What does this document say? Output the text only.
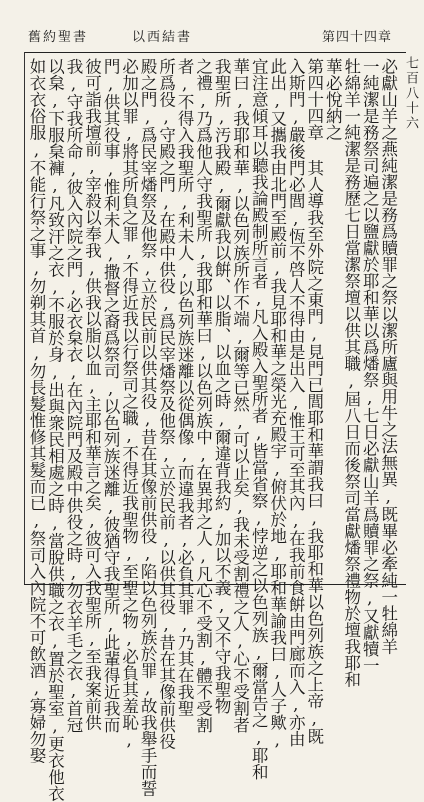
舊約聖書	以西結書	第四十四章
七百八十六
必獻山羊之燕純潔是務爲贖罪之祭以潔所廬與用牛之法無異,既畢必牽純一牡綿羊
一純潔是務祭司遍之以鹽獻於耶和華以爲燔祭,七日必獻山羊爲贖罪之祭,又獻犢一
牡綿羊一純潔是務歷七日當潔祭壇以供其職,屆八日而後祭司當獻燔祭禮物於壇我耶和
華必悅納之
第四十四章 其人導我至外院之東門,見門已閭耶和華謂我曰,我耶和華以色列族之上帝,既
入斯門,嚴後門必閭,恆不啓人不得由是出入,惟王可至其內,在我前食餠由門廊而入,亦由
此出,又攜我由北門至殿前,我見耶和華之榮光充殿宇,俯伏於地,耶和華諭我曰,人子歟,
宜注意傾耳以聽我論殿制所言者,凡入殿入聖所者,皆當省察,悖逆之以色列族,爾當告之,耶和
華曰,我耶和華,以色列族所作不端,爾等已然,可以止矣,我未受割禮之人,心不受割者
我聖所,汚我殿,爾獻我以餠、以脂、以血之時,爾違背我約,加以不義,又不守我聖物
之禮,乃爲他人守我聖所,我耶和華曰,以色列族中,在異邦之人,凡心不受割,體不受割
者,不得入我聖所,利未人,以色列族迷離以從偶像,而違我者,必負其罪,乃其在我聖
所爲役,守殿之門,在殿中供役,爲民宰燔祭及他祭,立於民前,以供其役,昔在其像前供役
殿之門,爲民宰燔祭及他祭,立於民前以供其役,昔在其像前供役,陷以色列族於罪,故我舉手而誓
必加以罪,將其所負之罪,不得近我以行祭司之職,不得近我聖物,至聖之物,必負其羞恥,
門,供其役事,惟利未人,撒督之裔爲祭司,以色列族迷離,彼猶守我聖所,此輩得近我而
彼可詣我壇前,宰殺以奉我,供我以脂以血,主耶和華言之矣,彼可入我聖所,至我案前供
我,守我所命,彼入內院之門,必衣枲衣,在內院門及殿中供役之時,勿衣羊毛之衣,首冠
以枲,下服枲褲,凡致汗之衣,不服於身,出與衆民相處之時,當脫供職之衣,置於聖室,更衣他衣
如衣衣俗服,不能行祭之事,勿剃其首,勿長髮惟修其髮而已,祭司入內院不可飲酒,寡婦勿娶
